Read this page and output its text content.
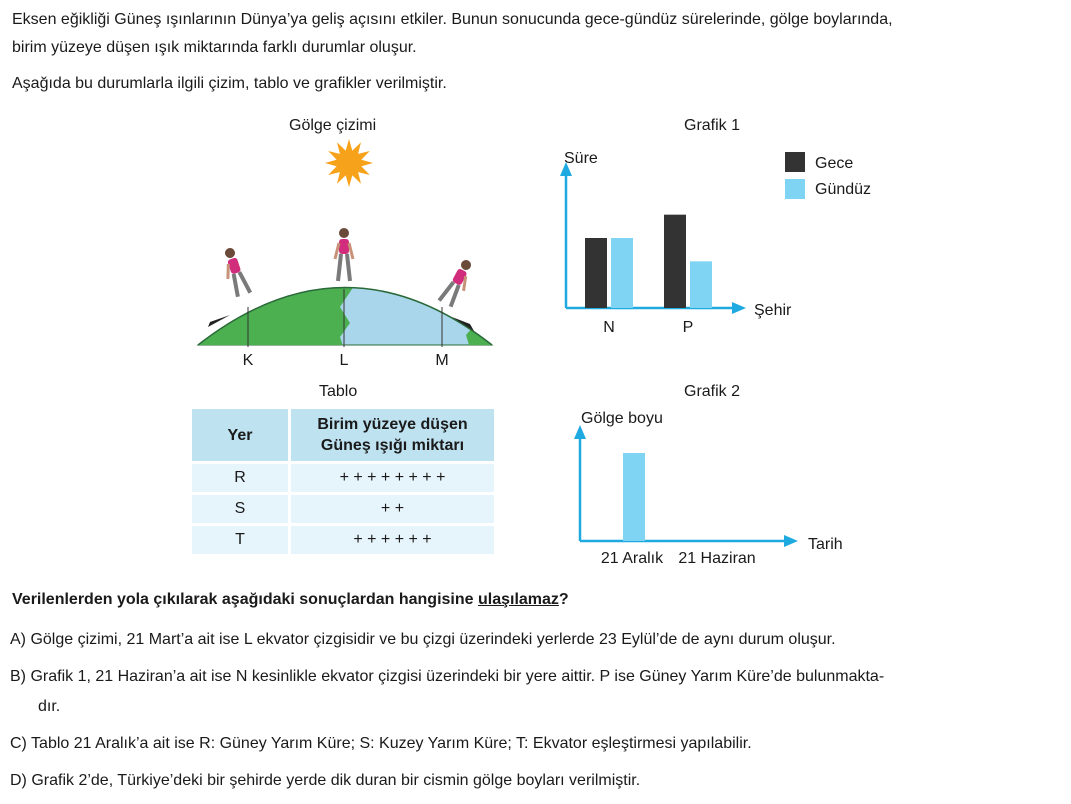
Eksen eğikliği Güneş ışınlarının Dünya’ya geliş açısını etkiler. Bunun sonucunda gece-gündüz sürelerinde, gölge boylarında,
birim yüzeye düşen ışık miktarında farklı durumlar oluşur.
Aşağıda bu durumlarla ilgili çizim, tablo ve grafikler verilmiştir.
Gölge çizimi
K	L	M
Grafik 1
Süre
Şehir
N	P
Gece
Gündüz
Tablo
Yer	Birim yüzeye düşen
Güneş ışığı miktarı

R	+ + + + + + + +
S	+ +
T	+ + + + + +
Grafik 2
Gölge boyu
Tarih
21 Aralık 21 Haziran
Verilenlerden yola çıkılarak aşağıdaki sonuçlardan hangisine ulaşılamaz?
A) Gölge çizimi, 21 Mart’a ait ise L ekvator çizgisidir ve bu çizgi üzerindeki yerlerde 23 Eylül’de de aynı durum oluşur.
B) Grafik 1, 21 Haziran’a ait ise N kesinlikle ekvator çizgisi üzerindeki bir yere aittir. P ise Güney Yarım Küre’de bulunmakta-
dır.
C) Tablo 21 Aralık’a ait ise R: Güney Yarım Küre; S: Kuzey Yarım Küre; T: Ekvator eşleştirmesi yapılabilir.
D) Grafik 2’de, Türkiye’deki bir şehirde yerde dik duran bir cismin gölge boyları verilmiştir.
